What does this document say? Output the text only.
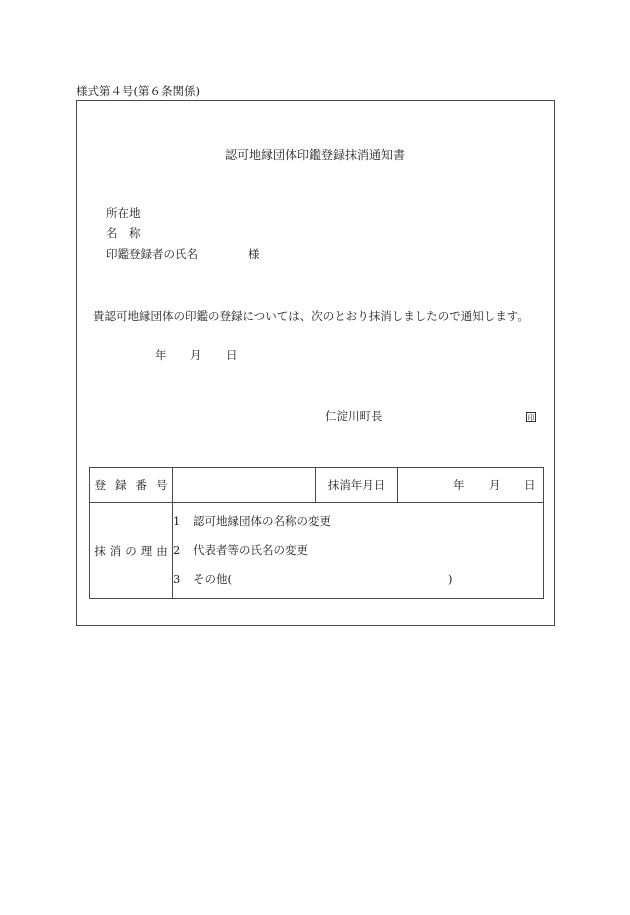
様式第４号(第６条関係)
認可地縁団体印鑑登録抹消通知書
所在地
名　称
印鑑登録者の氏名	様
貴認可地縁団体の印鑑の登録については、次のとおり抹消しましたので通知します。
年 月 日
仁淀川町長	印
登録番号		抹消年月日	年 月 日

抹消の理由	1 認可地縁団体の名称の変更
2 代表者等の氏名の変更
3 その他( )		
